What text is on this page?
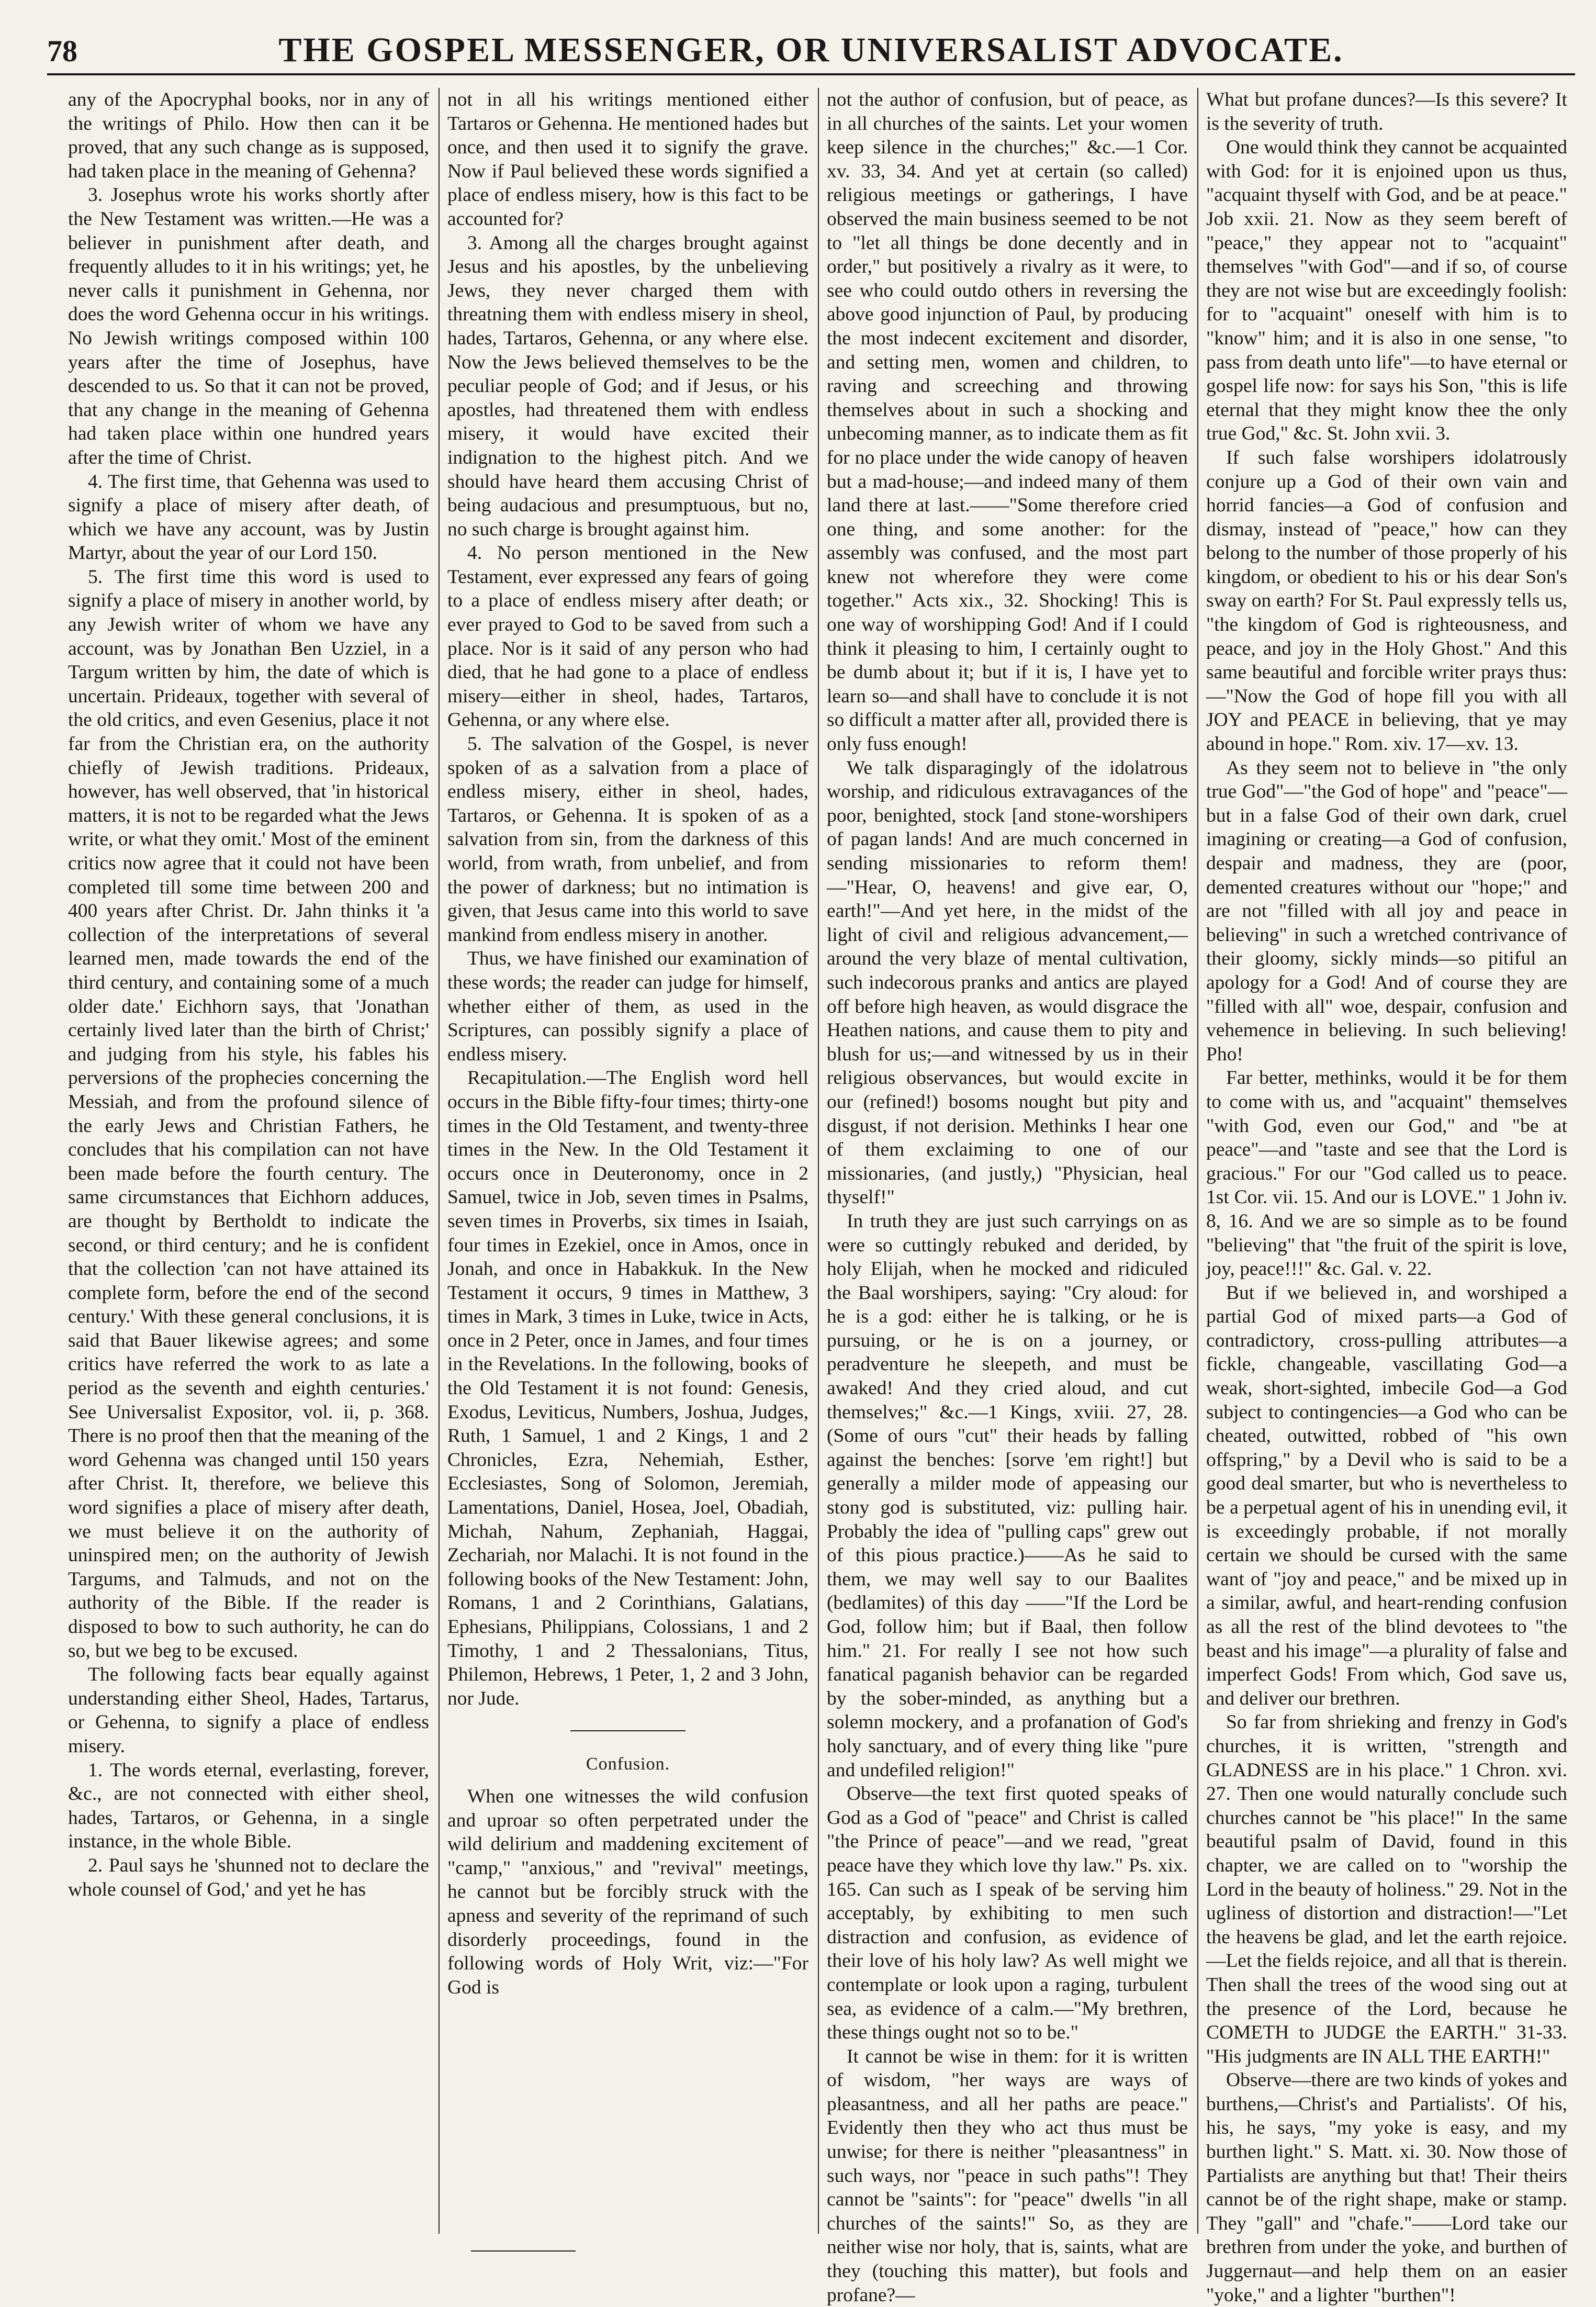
78	THE GOSPEL MESSENGER, OR UNIVERSALIST ADVOCATE.

any of the Apocryphal books, nor in any of the writings of Philo. How then can it be proved, that any such change as is supposed, had taken place in the meaning of Gehenna?

3. Josephus wrote his works shortly after the New Testament was written.—He was a believer in punishment after death, and frequently alludes to it in his writings; yet, he never calls it punishment in Gehenna, nor does the word Gehenna occur in his writings. No Jewish writings composed within 100 years after the time of Josephus, have descended to us. So that it can not be proved, that any change in the meaning of Gehenna had taken place within one hundred years after the time of Christ.

4. The first time, that Gehenna was used to signify a place of misery after death, of which we have any account, was by Justin Martyr, about the year of our Lord 150.

5. The first time this word is used to signify a place of misery in another world, by any Jewish writer of whom we have any account, was by Jonathan Ben Uzziel, in a Targum written by him, the date of which is uncertain. Prideaux, together with several of the old critics, and even Gesenius, place it not far from the Christian era, on the authority chiefly of Jewish traditions. Prideaux, however, has well observed, that 'in historical matters, it is not to be regarded what the Jews write, or what they omit.' Most of the eminent critics now agree that it could not have been completed till some time between 200 and 400 years after Christ. Dr. Jahn thinks it 'a collection of the interpretations of several learned men, made towards the end of the third century, and containing some of a much older date.' Eichhorn says, that 'Jonathan certainly lived later than the birth of Christ;' and judging from his style, his fables his perversions of the prophecies concerning the Messiah, and from the profound silence of the early Jews and Christian Fathers, he concludes that his compilation can not have been made before the fourth century. The same circumstances that Eichhorn adduces, are thought by Bertholdt to indicate the second, or third century; and he is confident that the collection 'can not have attained its complete form, before the end of the second century.' With these general conclusions, it is said that Bauer likewise agrees; and some critics have referred the work to as late a period as the seventh and eighth centuries.' See Universalist Expositor, vol. ii, p. 368. There is no proof then that the meaning of the word Gehenna was changed until 150 years after Christ. It, therefore, we believe this word signifies a place of misery after death, we must believe it on the authority of uninspired men; on the authority of Jewish Targums, and Talmuds, and not on the authority of the Bible. If the reader is disposed to bow to such authority, he can do so, but we beg to be excused.

The following facts bear equally against understanding either Sheol, Hades, Tartarus, or Gehenna, to signify a place of endless misery.

1. The words eternal, everlasting, forever, &c., are not connected with either sheol, hades, Tartaros, or Gehenna, in a single instance, in the whole Bible.

2. Paul says he 'shunned not to declare the whole counsel of God,' and yet he has

not in all his writings mentioned either Tartaros or Gehenna. He mentioned hades but once, and then used it to signify the grave. Now if Paul believed these words signified a place of endless misery, how is this fact to be accounted for?

3. Among all the charges brought against Jesus and his apostles, by the unbelieving Jews, they never charged them with threatning them with endless misery in sheol, hades, Tartaros, Gehenna, or any where else. Now the Jews believed themselves to be the peculiar people of God; and if Jesus, or his apostles, had threatened them with endless misery, it would have excited their indignation to the highest pitch. And we should have heard them accusing Christ of being audacious and presumptuous, but no, no such charge is brought against him.

4. No person mentioned in the New Testament, ever expressed any fears of going to a place of endless misery after death; or ever prayed to God to be saved from such a place. Nor is it said of any person who had died, that he had gone to a place of endless misery—either in sheol, hades, Tartaros, Gehenna, or any where else.

5. The salvation of the Gospel, is never spoken of as a salvation from a place of endless misery, either in sheol, hades, Tartaros, or Gehenna. It is spoken of as a salvation from sin, from the darkness of this world, from wrath, from unbelief, and from the power of darkness; but no intimation is given, that Jesus came into this world to save mankind from endless misery in another.

Thus, we have finished our examination of these words; the reader can judge for himself, whether either of them, as used in the Scriptures, can possibly signify a place of endless misery.

Recapitulation.—The English word hell occurs in the Bible fifty-four times; thirty-one times in the Old Testament, and twenty-three times in the New. In the Old Testament it occurs once in Deuteronomy, once in 2 Samuel, twice in Job, seven times in Psalms, seven times in Proverbs, six times in Isaiah, four times in Ezekiel, once in Amos, once in Jonah, and once in Habakkuk. In the New Testament it occurs, 9 times in Matthew, 3 times in Mark, 3 times in Luke, twice in Acts, once in 2 Peter, once in James, and four times in the Revelations. In the following, books of the Old Testament it is not found: Genesis, Exodus, Leviticus, Numbers, Joshua, Judges, Ruth, 1 Samuel, 1 and 2 Kings, 1 and 2 Chronicles, Ezra, Nehemiah, Esther, Ecclesiastes, Song of Solomon, Jeremiah, Lamentations, Daniel, Hosea, Joel, Obadiah, Michah, Nahum, Zephaniah, Haggai, Zechariah, nor Malachi. It is not found in the following books of the New Testament: John, Romans, 1 and 2 Corinthians, Galatians, Ephesians, Philippians, Colossians, 1 and 2 Timothy, 1 and 2 Thessalonians, Titus, Philemon, Hebrews, 1 Peter, 1, 2 and 3 John, nor Jude.

Confusion.

When one witnesses the wild confusion and uproar so often perpetrated under the wild delirium and maddening excitement of "camp," "anxious," and "revival" meetings, he cannot but be forcibly struck with the apness and severity of the reprimand of such disorderly proceedings, found in the following words of Holy Writ, viz:—"For God is

not the author of confusion, but of peace, as in all churches of the saints. Let your women keep silence in the churches;" &c.—1 Cor. xv. 33, 34. And yet at certain (so called) religious meetings or gatherings, I have observed the main business seemed to be not to "let all things be done decently and in order," but positively a rivalry as it were, to see who could outdo others in reversing the above good injunction of Paul, by producing the most indecent excitement and disorder, and setting men, women and children, to raving and screeching and throwing themselves about in such a shocking and unbecoming manner, as to indicate them as fit for no place under the wide canopy of heaven but a mad-house;—and indeed many of them land there at last.——"Some therefore cried one thing, and some another: for the assembly was confused, and the most part knew not wherefore they were come together." Acts xix., 32. Shocking! This is one way of worshipping God! And if I could think it pleasing to him, I certainly ought to be dumb about it; but if it is, I have yet to learn so—and shall have to conclude it is not so difficult a matter after all, provided there is only fuss enough!

We talk disparagingly of the idolatrous worship, and ridiculous extravagances of the poor, benighted, stock [and stone-worshipers of pagan lands! And are much concerned in sending missionaries to reform them!—"Hear, O, heavens! and give ear, O, earth!"—And yet here, in the midst of the light of civil and religious advancement,—around the very blaze of mental cultivation, such indecorous pranks and antics are played off before high heaven, as would disgrace the Heathen nations, and cause them to pity and blush for us;—and witnessed by us in their religious observances, but would excite in our (refined!) bosoms nought but pity and disgust, if not derision. Methinks I hear one of them exclaiming to one of our missionaries, (and justly,) "Physician, heal thyself!"

In truth they are just such carryings on as were so cuttingly rebuked and derided, by holy Elijah, when he mocked and ridiculed the Baal worshipers, saying: "Cry aloud: for he is a god: either he is talking, or he is pursuing, or he is on a journey, or peradventure he sleepeth, and must be awaked! And they cried aloud, and cut themselves;" &c.—1 Kings, xviii. 27, 28. (Some of ours "cut" their heads by falling against the benches: [sorve 'em right!] but generally a milder mode of appeasing our stony god is substituted, viz: pulling hair. Probably the idea of "pulling caps" grew out of this pious practice.)——As he said to them, we may well say to our Baalites (bedlamites) of this day ——"If the Lord be God, follow him; but if Baal, then follow him." 21. For really I see not how such fanatical paganish behavior can be regarded by the sober-minded, as anything but a solemn mockery, and a profanation of God's holy sanctuary, and of every thing like "pure and undefiled religion!"

Observe—the text first quoted speaks of God as a God of "peace" and Christ is called "the Prince of peace"—and we read, "great peace have they which love thy law." Ps. xix. 165. Can such as I speak of be serving him acceptably, by exhibiting to men such distraction and confusion, as evidence of their love of his holy law? As well might we contemplate or look upon a raging, turbulent sea, as evidence of a calm.—"My brethren, these things ought not so to be."

It cannot be wise in them: for it is written of wisdom, "her ways are ways of pleasantness, and all her paths are peace." Evidently then they who act thus must be unwise; for there is neither "pleasantness" in such ways, nor "peace in such paths"! They cannot be "saints": for "peace" dwells "in all churches of the saints!" So, as they are neither wise nor holy, that is, saints, what are they (touching this matter), but fools and profane?—

What but profane dunces?—Is this severe? It is the severity of truth.

One would think they cannot be acquainted with God: for it is enjoined upon us thus, "acquaint thyself with God, and be at peace." Job xxii. 21. Now as they seem bereft of "peace," they appear not to "acquaint" themselves "with God"—and if so, of course they are not wise but are exceedingly foolish: for to "acquaint" oneself with him is to "know" him; and it is also in one sense, "to pass from death unto life"—to have eternal or gospel life now: for says his Son, "this is life eternal that they might know thee the only true God," &c. St. John xvii. 3.

If such false worshipers idolatrously conjure up a God of their own vain and horrid fancies—a God of confusion and dismay, instead of "peace," how can they belong to the number of those properly of his kingdom, or obedient to his or his dear Son's sway on earth? For St. Paul expressly tells us, "the kingdom of God is righteousness, and peace, and joy in the Holy Ghost." And this same beautiful and forcible writer prays thus:—"Now the God of hope fill you with all JOY and PEACE in believing, that ye may abound in hope." Rom. xiv. 17—xv. 13.

As they seem not to believe in "the only true God"—"the God of hope" and "peace"—but in a false God of their own dark, cruel imagining or creating—a God of confusion, despair and madness, they are (poor, demented creatures without our "hope;" and are not "filled with all joy and peace in believing" in such a wretched contrivance of their gloomy, sickly minds—so pitiful an apology for a God! And of course they are "filled with all" woe, despair, confusion and vehemence in believing. In such believing! Pho!

Far better, methinks, would it be for them to come with us, and "acquaint" themselves "with God, even our God," and "be at peace"—and "taste and see that the Lord is gracious." For our "God called us to peace. 1st Cor. vii. 15. And our is LOVE." 1 John iv. 8, 16. And we are so simple as to be found "believing" that "the fruit of the spirit is love, joy, peace!!!" &c. Gal. v. 22.

But if we believed in, and worshiped a partial God of mixed parts—a God of contradictory, cross-pulling attributes—a fickle, changeable, vascillating God—a weak, short-sighted, imbecile God—a God subject to contingencies—a God who can be cheated, outwitted, robbed of "his own offspring," by a Devil who is said to be a good deal smarter, but who is nevertheless to be a perpetual agent of his in unending evil, it is exceedingly probable, if not morally certain we should be cursed with the same want of "joy and peace," and be mixed up in a similar, awful, and heart-rending confusion as all the rest of the blind devotees to "the beast and his image"—a plurality of false and imperfect Gods! From which, God save us, and deliver our brethren.

So far from shrieking and frenzy in God's churches, it is written, "strength and GLADNESS are in his place." 1 Chron. xvi. 27. Then one would naturally conclude such churches cannot be "his place!" In the same beautiful psalm of David, found in this chapter, we are called on to "worship the Lord in the beauty of holiness." 29. Not in the ugliness of distortion and distraction!—"Let the heavens be glad, and let the earth rejoice.—Let the fields rejoice, and all that is therein. Then shall the trees of the wood sing out at the presence of the Lord, because he COMETH to JUDGE the EARTH." 31-33. "His judgments are IN ALL THE EARTH!"

Observe—there are two kinds of yokes and burthens,—Christ's and Partialists'. Of his, his, he says, "my yoke is easy, and my burthen light." S. Matt. xi. 30. Now those of Partialists are anything but that! Their theirs cannot be of the right shape, make or stamp. They "gall" and "chafe."——Lord take our brethren from under the yoke, and burthen of Juggernaut—and help them on an easier "yoke," and a lighter "burthen"!
